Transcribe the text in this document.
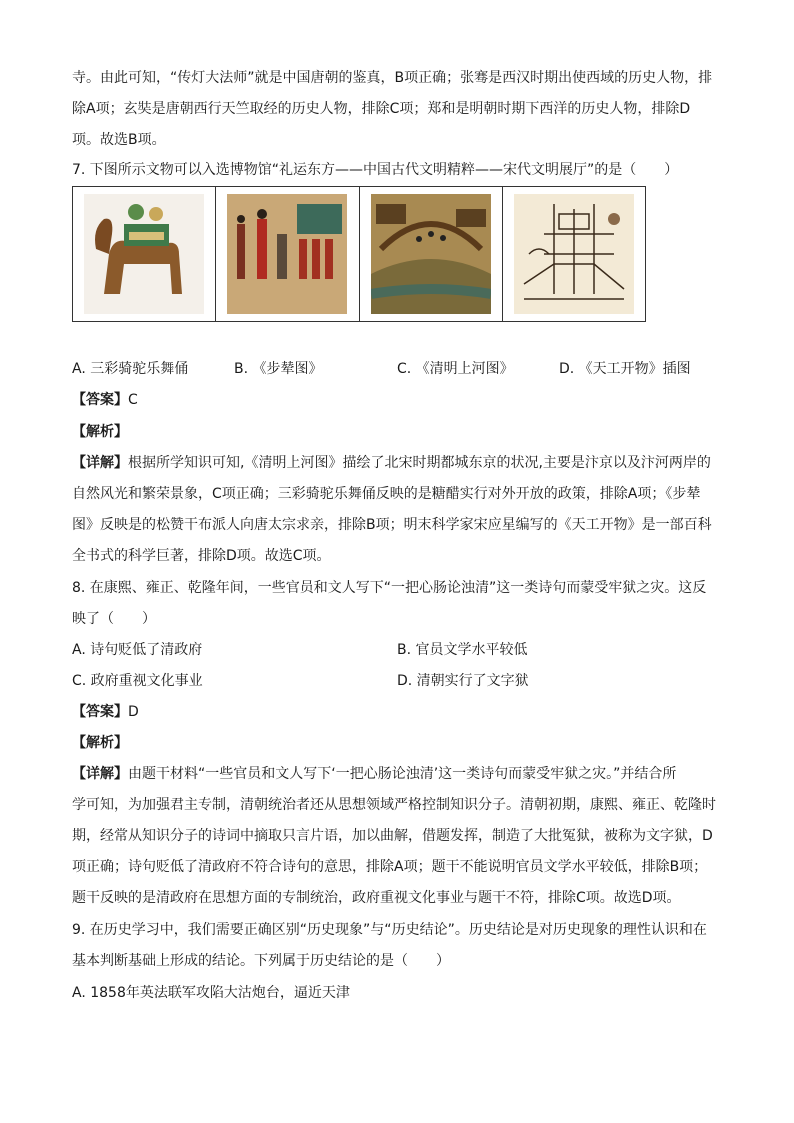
寺。由此可知，“传灯大法师”就是中国唐朝的鉴真，B项正确；张骞是西汉时期出使西域的历史人物，排
除A项；玄奘是唐朝西行天竺取经的历史人物，排除C项；郑和是明朝时期下西洋的历史人物，排除D
项。故选B项。
7. 下图所示文物可以入选博物馆“礼运东方——中国古代文明精粹——宋代文明展厅”的是（　　）
A. 三彩骑驼乐舞俑	B. 《步辇图》	C. 《清明上河图》	D. 《天工开物》插图
【答案】C
【解析】
【详解】根据所学知识可知,《清明上河图》描绘了北宋时期都城东京的状况,主要是汴京以及汴河两岸的
自然风光和繁荣景象，C项正确；三彩骑驼乐舞俑反映的是糖醋实行对外开放的政策，排除A项；《步辇
图》反映是的松赞干布派人向唐太宗求亲，排除B项；明末科学家宋应星编写的《天工开物》是一部百科
全书式的科学巨著，排除D项。故选C项。
8. 在康熙、雍正、乾隆年间，一些官员和文人写下“一把心肠论浊清”这一类诗句而蒙受牢狱之灾。这反
映了（　　）
A. 诗句贬低了清政府	B. 官员文学水平较低
C. 政府重视文化事业	D. 清朝实行了文字狱
【答案】D
【解析】
【详解】由题干材料“一些官员和文人写下‘一把心肠论浊清’这一类诗句而蒙受牢狱之灾。”并结合所
学可知，为加强君主专制，清朝统治者还从思想领域严格控制知识分子。清朝初期，康熙、雍正、乾隆时
期，经常从知识分子的诗词中摘取只言片语，加以曲解，借题发挥，制造了大批冤狱，被称为文字狱，D
项正确；诗句贬低了清政府不符合诗句的意思，排除A项；题干不能说明官员文学水平较低，排除B项；
题干反映的是清政府在思想方面的专制统治，政府重视文化事业与题干不符，排除C项。故选D项。
9. 在历史学习中，我们需要正确区别“历史现象”与“历史结论”。历史结论是对历史现象的理性认识和在
基本判断基础上形成的结论。下列属于历史结论的是（　　）
A. 1858年英法联军攻陷大沽炮台，逼近天津
